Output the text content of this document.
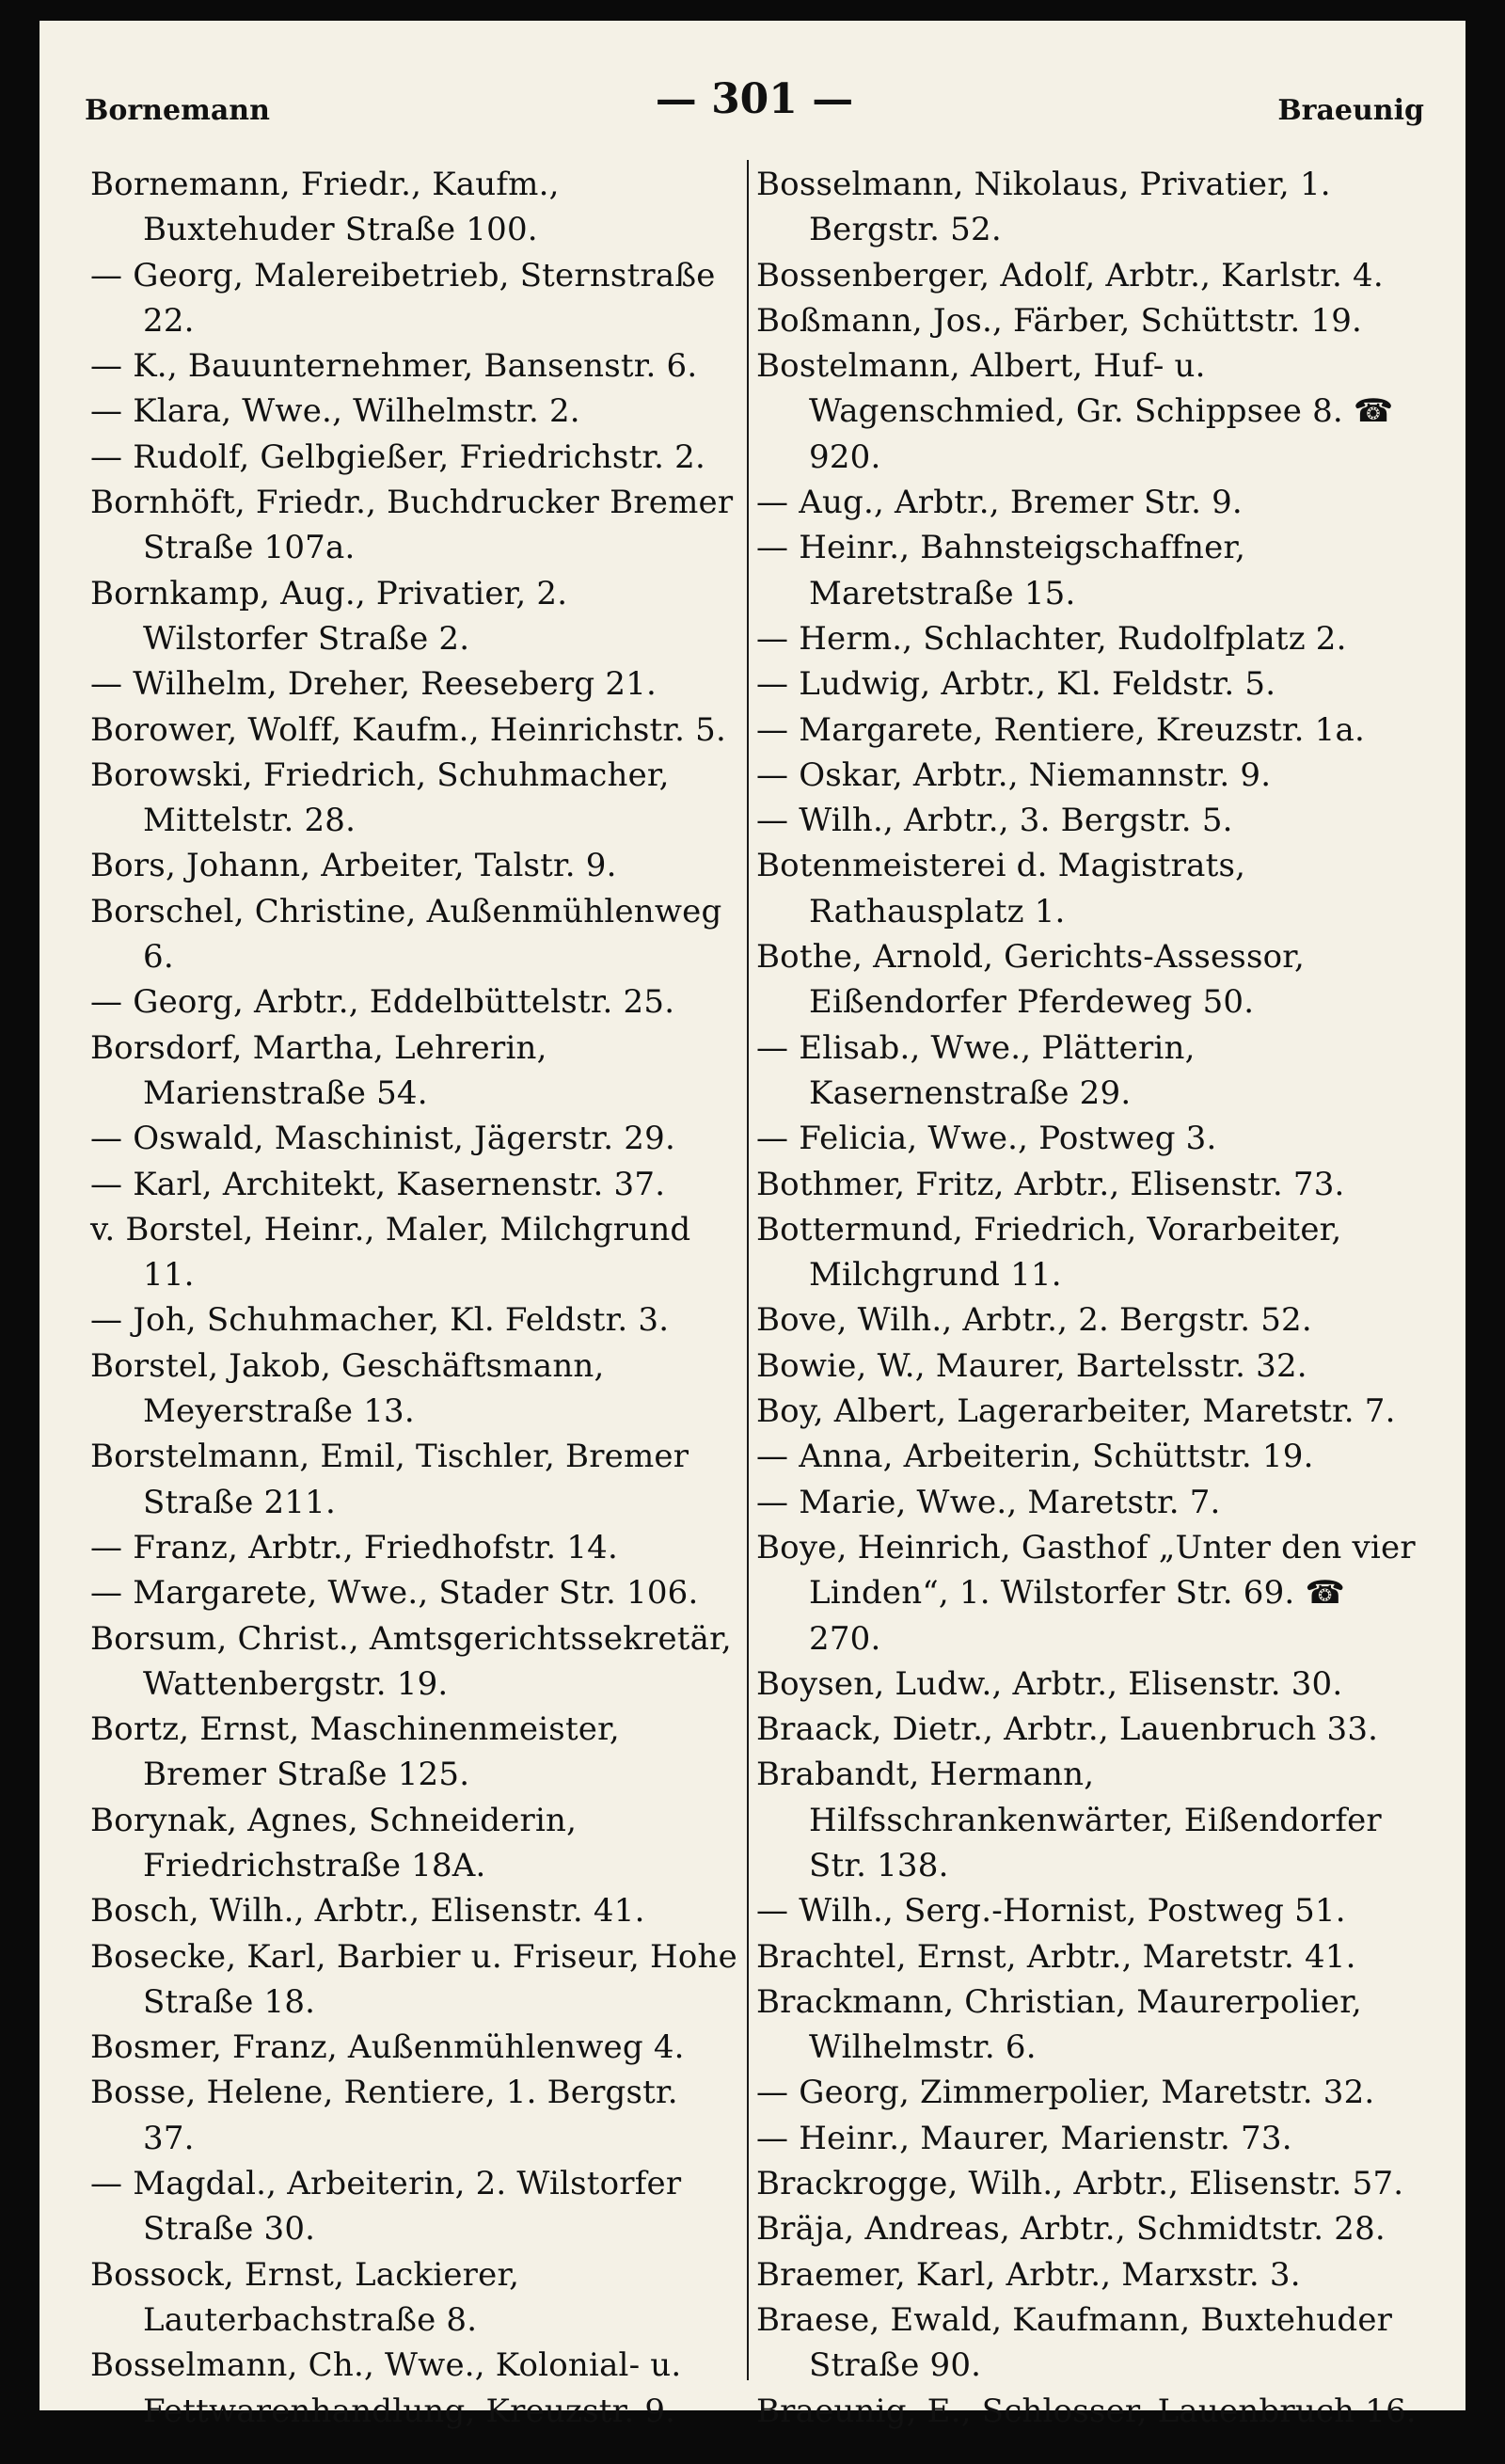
Bornemann	— 301 —	Braeunig
Bornemann, Friedr., Kaufm., Buxtehuder Straße 100.
— Georg, Malereibetrieb, Sternstraße 22.
— K., Bauunternehmer, Bansenstr. 6.
— Klara, Wwe., Wilhelmstr. 2.
— Rudolf, Gelbgießer, Friedrichstr. 2.
Bornhöft, Friedr., Buchdrucker Bremer Straße 107a.
Bornkamp, Aug., Privatier, 2. Wilstorfer Straße 2.
— Wilhelm, Dreher, Reeseberg 21.
Borower, Wolff, Kaufm., Heinrichstr. 5.
Borowski, Friedrich, Schuhmacher, Mittelstr. 28.
Bors, Johann, Arbeiter, Talstr. 9.
Borschel, Christine, Außenmühlenweg 6.
— Georg, Arbtr., Eddelbüttelstr. 25.
Borsdorf, Martha, Lehrerin, Marienstraße 54.
— Oswald, Maschinist, Jägerstr. 29.
— Karl, Architekt, Kasernenstr. 37.
v. Borstel, Heinr., Maler, Milchgrund 11.
— Joh, Schuhmacher, Kl. Feldstr. 3.
Borstel, Jakob, Geschäftsmann, Meyerstraße 13.
Borstelmann, Emil, Tischler, Bremer Straße 211.
— Franz, Arbtr., Friedhofstr. 14.
— Margarete, Wwe., Stader Str. 106.
Borsum, Christ., Amtsgerichtssekretär, Wattenbergstr. 19.
Bortz, Ernst, Maschinenmeister, Bremer Straße 125.
Borynak, Agnes, Schneiderin, Friedrichstraße 18A.
Bosch, Wilh., Arbtr., Elisenstr. 41.
Bosecke, Karl, Barbier u. Friseur, Hohe Straße 18.
Bosmer, Franz, Außenmühlenweg 4.
Bosse, Helene, Rentiere, 1. Bergstr. 37.
— Magdal., Arbeiterin, 2. Wilstorfer Straße 30.
Bossock, Ernst, Lackierer, Lauterbachstraße 8.
Bosselmann, Ch., Wwe., Kolonial- u. Fettwarenhandlung, Kreuzstr. 9.
Bosselmann, Nikolaus, Privatier, 1. Bergstr. 52.
Bossenberger, Adolf, Arbtr., Karlstr. 4.
Boßmann, Jos., Färber, Schüttstr. 19.
Bostelmann, Albert, Huf- u. Wagenschmied, Gr. Schippsee 8. ☎ 920.
— Aug., Arbtr., Bremer Str. 9.
— Heinr., Bahnsteigschaffner, Maretstraße 15.
— Herm., Schlachter, Rudolfplatz 2.
— Ludwig, Arbtr., Kl. Feldstr. 5.
— Margarete, Rentiere, Kreuzstr. 1a.
— Oskar, Arbtr., Niemannstr. 9.
— Wilh., Arbtr., 3. Bergstr. 5.
Botenmeisterei d. Magistrats, Rathausplatz 1.
Bothe, Arnold, Gerichts-Assessor, Eißendorfer Pferdeweg 50.
— Elisab., Wwe., Plätterin, Kasernenstraße 29.
— Felicia, Wwe., Postweg 3.
Bothmer, Fritz, Arbtr., Elisenstr. 73.
Bottermund, Friedrich, Vorarbeiter, Milchgrund 11.
Bove, Wilh., Arbtr., 2. Bergstr. 52.
Bowie, W., Maurer, Bartelsstr. 32.
Boy, Albert, Lagerarbeiter, Maretstr. 7.
— Anna, Arbeiterin, Schüttstr. 19.
— Marie, Wwe., Maretstr. 7.
Boye, Heinrich, Gasthof „Unter den vier Linden“, 1. Wilstorfer Str. 69. ☎ 270.
Boysen, Ludw., Arbtr., Elisenstr. 30.
Braack, Dietr., Arbtr., Lauenbruch 33.
Brabandt, Hermann, Hilfsschrankenwärter, Eißendorfer Str. 138.
— Wilh., Serg.-Hornist, Postweg 51.
Brachtel, Ernst, Arbtr., Maretstr. 41.
Brackmann, Christian, Maurerpolier, Wilhelmstr. 6.
— Georg, Zimmerpolier, Maretstr. 32.
— Heinr., Maurer, Marienstr. 73.
Brackrogge, Wilh., Arbtr., Elisenstr. 57.
Bräja, Andreas, Arbtr., Schmidtstr. 28.
Braemer, Karl, Arbtr., Marxstr. 3.
Braese, Ewald, Kaufmann, Buxtehuder Straße 90.
Braeunig, E., Schlosser, Lauenbruch 16.
